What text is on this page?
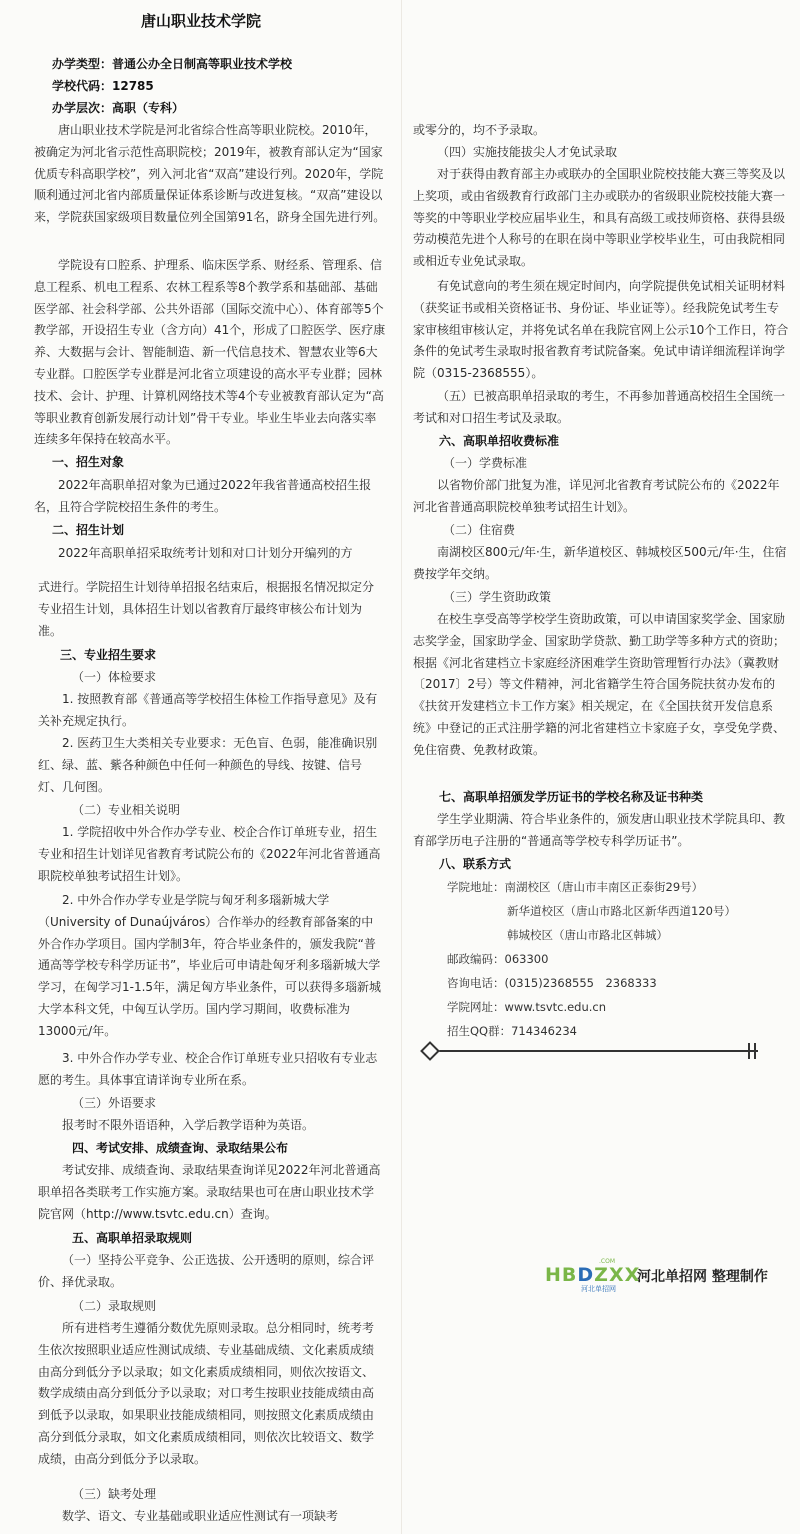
唐山职业技术学院

办学类型：普通公办全日制高等职业技术学校

学校代码：12785

办学层次：高职（专科）

唐山职业技术学院是河北省综合性高等职业院校。2010年，被确定为河北省示范性高职院校；2019年，被教育部认定为“国家优质专科高职学校”，列入河北省“双高”建设行列。2020年，学院顺利通过河北省内部质量保证体系诊断与改进复核。“双高”建设以来，学院获国家级项目数量位列全国第91名，跻身全国先进行列。

学院设有口腔系、护理系、临床医学系、财经系、管理系、信息工程系、机电工程系、农林工程系等8个教学系和基础部、基础医学部、社会科学部、公共外语部（国际交流中心）、体育部等5个教学部，开设招生专业（含方向）41个，形成了口腔医学、医疗康养、大数据与会计、智能制造、新一代信息技术、智慧农业等6大专业群。口腔医学专业群是河北省立项建设的高水平专业群；园林技术、会计、护理、计算机网络技术等4个专业被教育部认定为“高等职业教育创新发展行动计划”骨干专业。毕业生毕业去向落实率连续多年保持在较高水平。

一、招生对象

2022年高职单招对象为已通过2022年我省普通高校招生报名，且符合学院校招生条件的考生。

二、招生计划

2022年高职单招采取统考计划和对口计划分开编列的方

式进行。学院招生计划待单招报名结束后，根据报名情况拟定分专业招生计划，具体招生计划以省教育厅最终审核公布计划为准。

三、专业招生要求

（一）体检要求

1. 按照教育部《普通高等学校招生体检工作指导意见》及有关补充规定执行。

2. 医药卫生大类相关专业要求：无色盲、色弱，能准确识别红、绿、蓝、紫各种颜色中任何一种颜色的导线、按键、信号灯、几何图。

（二）专业相关说明

1. 学院招收中外合作办学专业、校企合作订单班专业，招生专业和招生计划详见省教育考试院公布的《2022年河北省普通高职院校单独考试招生计划》。

2. 中外合作办学专业是学院与匈牙利多瑙新城大学（University of Dunaújváros）合作举办的经教育部备案的中外合作办学项目。国内学制3年，符合毕业条件的，颁发我院“普通高等学校专科学历证书”，毕业后可申请赴匈牙利多瑙新城大学学习，在匈学习1-1.5年，满足匈方毕业条件，可以获得多瑙新城大学本科文凭，中匈互认学历。国内学习期间，收费标准为13000元/年。

3. 中外合作办学专业、校企合作订单班专业只招收有专业志愿的考生。具体事宜请详询专业所在系。

（三）外语要求

报考时不限外语语种，入学后教学语种为英语。

四、考试安排、成绩查询、录取结果公布

考试安排、成绩查询、录取结果查询详见2022年河北普通高职单招各类联考工作实施方案。录取结果也可在唐山职业技术学院官网（http://www.tsvtc.edu.cn）查询。

五、高职单招录取规则

（一）坚持公平竞争、公正选拔、公开透明的原则，综合评价、择优录取。

（二）录取规则

所有进档考生遵循分数优先原则录取。总分相同时，统考考生依次按照职业适应性测试成绩、专业基础成绩、文化素质成绩由高分到低分予以录取；如文化素质成绩相同，则依次按语文、数学成绩由高分到低分予以录取；对口考生按职业技能成绩由高到低予以录取，如果职业技能成绩相同，则按照文化素质成绩由高分到低分录取，如文化素质成绩相同，则依次比较语文、数学成绩，由高分到低分予以录取。

（三）缺考处理

数学、语文、专业基础或职业适应性测试有一项缺考

或零分的，均不予录取。

（四）实施技能拔尖人才免试录取

对于获得由教育部主办或联办的全国职业院校技能大赛三等奖及以上奖项，或由省级教育行政部门主办或联办的省级职业院校技能大赛一等奖的中等职业学校应届毕业生，和具有高级工或技师资格、获得县级劳动模范先进个人称号的在职在岗中等职业学校毕业生，可由我院相同或相近专业免试录取。

有免试意向的考生须在规定时间内，向学院提供免试相关证明材料（获奖证书或相关资格证书、身份证、毕业证等）。经我院免试考生专家审核组审核认定，并将免试名单在我院官网上公示10个工作日，符合条件的免试考生录取时报省教育考试院备案。免试申请详细流程详询学院（0315-2368555）。

（五）已被高职单招录取的考生，不再参加普通高校招生全国统一考试和对口招生考试及录取。

六、高职单招收费标准

（一）学费标准

以省物价部门批复为准，详见河北省教育考试院公布的《2022年河北省普通高职院校单独考试招生计划》。

（二）住宿费

南湖校区800元/年·生，新华道校区、韩城校区500元/年·生，住宿费按学年交纳。

（三）学生资助政策

在校生享受高等学校学生资助政策，可以申请国家奖学金、国家励志奖学金，国家助学金、国家助学贷款、勤工助学等多种方式的资助；根据《河北省建档立卡家庭经济困难学生资助管理暂行办法》（冀教财〔2017〕2号）等文件精神，河北省籍学生符合国务院扶贫办发布的《扶贫开发建档立卡工作方案》相关规定，在《全国扶贫开发信息系统》中登记的正式注册学籍的河北省建档立卡家庭子女，享受免学费、免住宿费、免教材政策。

七、高职单招颁发学历证书的学校名称及证书种类

学生学业期满、符合毕业条件的，颁发唐山职业技术学院具印、教育部学历电子注册的“普通高等学校专科学历证书”。

八、联系方式

学院地址：南湖校区（唐山市丰南区正泰街29号）
新华道校区（唐山市路北区新华西道120号）
韩城校区（唐山市路北区韩城）
邮政编码：063300
咨询电话：(0315)2368555　2368333
学院网址：www.tsvtc.edu.cn
招生QQ群：714346234
HBDZXX
.COM
河北单招网
河北单招网 整理制作
